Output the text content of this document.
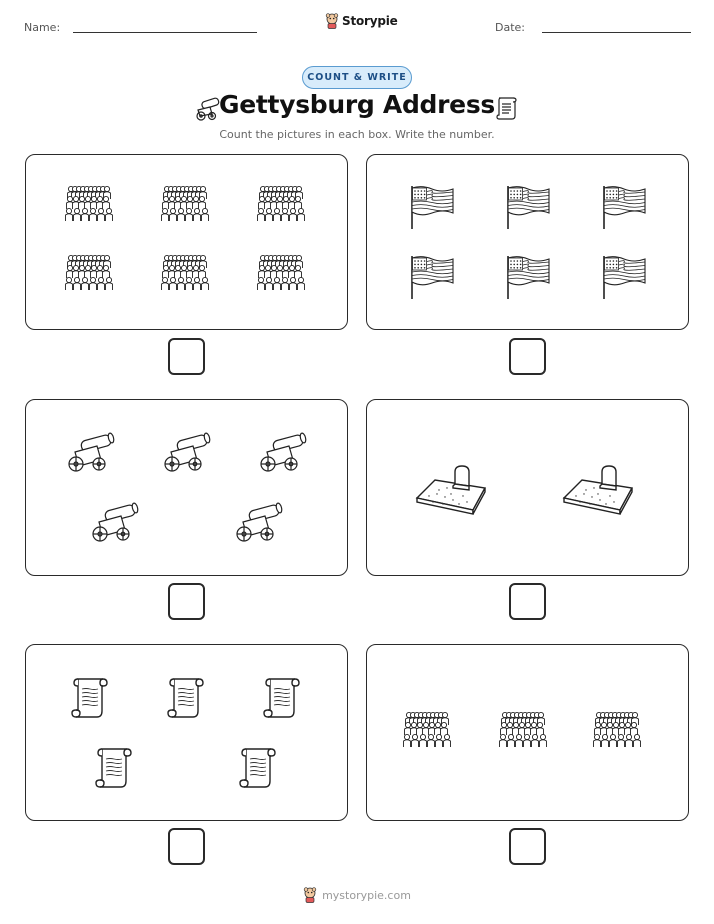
Name:	Storypie	Date:
COUNT & WRITE
Gettysburg Address
Count the pictures in each box. Write the number.
mystorypie.com
